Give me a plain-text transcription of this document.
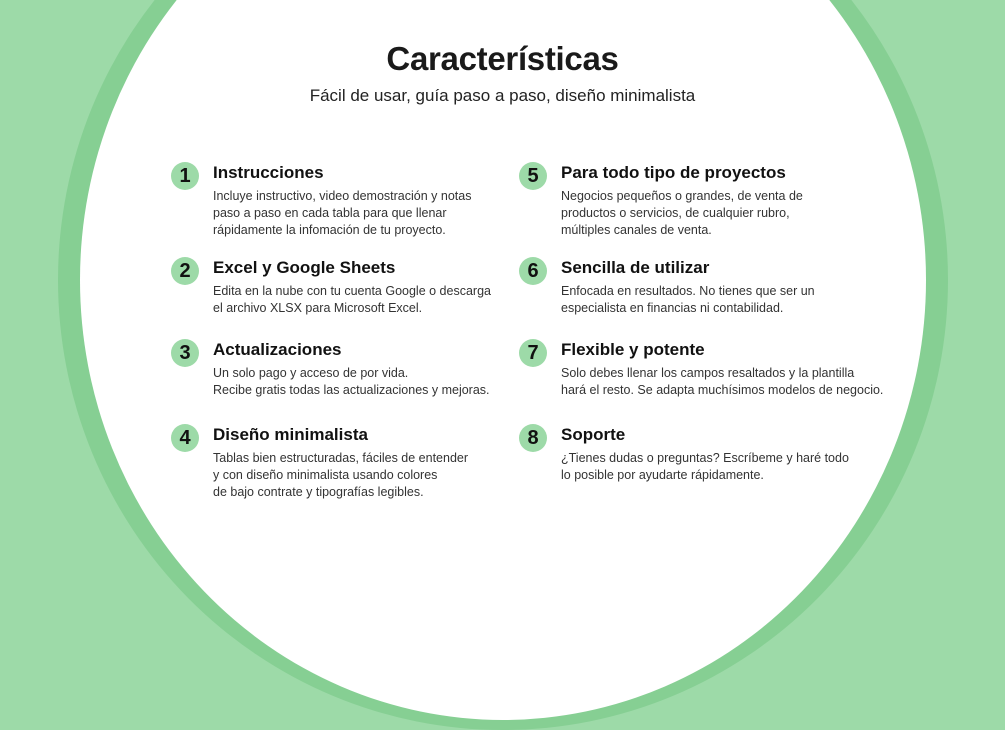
Características

Fácil de usar, guía paso a paso, diseño minimalista

1	Instrucciones

Incluye instructivo, video demostración y notas
paso a paso en cada tabla para que llenar
rápidamente la infomación de tu proyecto.

2	Excel y Google Sheets

Edita en la nube con tu cuenta Google o descarga
el archivo XLSX para Microsoft Excel.

3	Actualizaciones

Un solo pago y acceso de por vida.
Recibe gratis todas las actualizaciones y mejoras.

4	Diseño minimalista

Tablas bien estructuradas, fáciles de entender
y con diseño minimalista usando colores
de bajo contrate y tipografías legibles.

5	Para todo tipo de proyectos

Negocios pequeños o grandes, de venta de
productos o servicios, de cualquier rubro,
múltiples canales de venta.

6	Sencilla de utilizar

Enfocada en resultados. No tienes que ser un
especialista en financias ni contabilidad.

7	Flexible y potente

Solo debes llenar los campos resaltados y la plantilla
hará el resto. Se adapta muchísimos modelos de negocio.

8	Soporte

¿Tienes dudas o preguntas? Escríbeme y haré todo
lo posible por ayudarte rápidamente.
